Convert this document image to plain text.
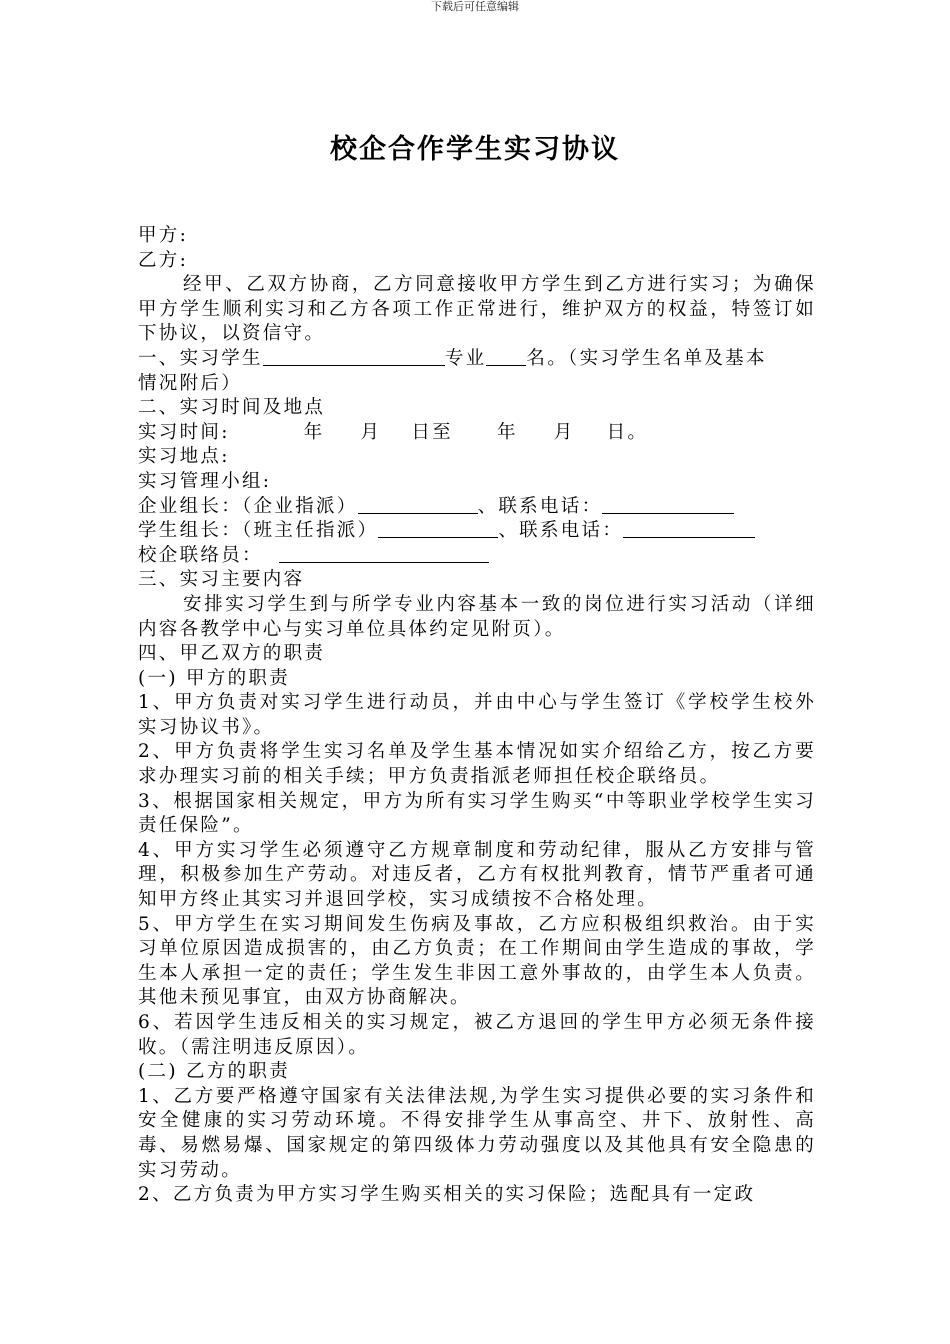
下载后可任意编辑
校企合作学生实习协议
甲方:
乙方:
经甲、乙双方协商，乙方同意接收甲方学生到乙方进行实习；为确保甲方学生顺利实习和乙方各项工作正常进行，维护双方的权益，特签订如下协议，以资信守。
一、实习学生	专业 名。（实习学生名单及基本
情况附后）
二、实习时间及地点
实习时间:	年 月 日至 年 月 日。
实习地点:
实习管理小组:
企业组长：（企业指派）	、联系电话：
学生组长：（班主任指派）	、联系电话：
校企联络员：
三、实习主要内容
安排实习学生到与所学专业内容基本一致的岗位进行实习活动（详细内容各教学中心与实习单位具体约定见附页）。
四、甲乙双方的职责
(一) 甲方的职责
1、甲方负责对实习学生进行动员，并由中心与学生签订《学校学生校外实习协议书》。
2、甲方负责将学生实习名单及学生基本情况如实介绍给乙方，按乙方要求办理实习前的相关手续；甲方负责指派老师担任校企联络员。
3、根据国家相关规定，甲方为所有实习学生购买“中等职业学校学生实习责任保险”。
4、甲方实习学生必须遵守乙方规章制度和劳动纪律，服从乙方安排与管理，积极参加生产劳动。对违反者，乙方有权批判教育，情节严重者可通知甲方终止其实习并退回学校，实习成绩按不合格处理。
5、甲方学生在实习期间发生伤病及事故，乙方应积极组织救治。由于实习单位原因造成损害的，由乙方负责；在工作期间由学生造成的事故，学生本人承担一定的责任；学生发生非因工意外事故的，由学生本人负责。其他未预见事宜，由双方协商解决。
6、若因学生违反相关的实习规定，被乙方退回的学生甲方必须无条件接收。（需注明违反原因）。
(二) 乙方的职责
1、乙方要严格遵守国家有关法律法规,为学生实习提供必要的实习条件和安全健康的实习劳动环境。不得安排学生从事高空、井下、放射性、高毒、易燃易爆、国家规定的第四级体力劳动强度以及其他具有安全隐患的实习劳动。
2、乙方负责为甲方实习学生购买相关的实习保险；选配具有一定政
